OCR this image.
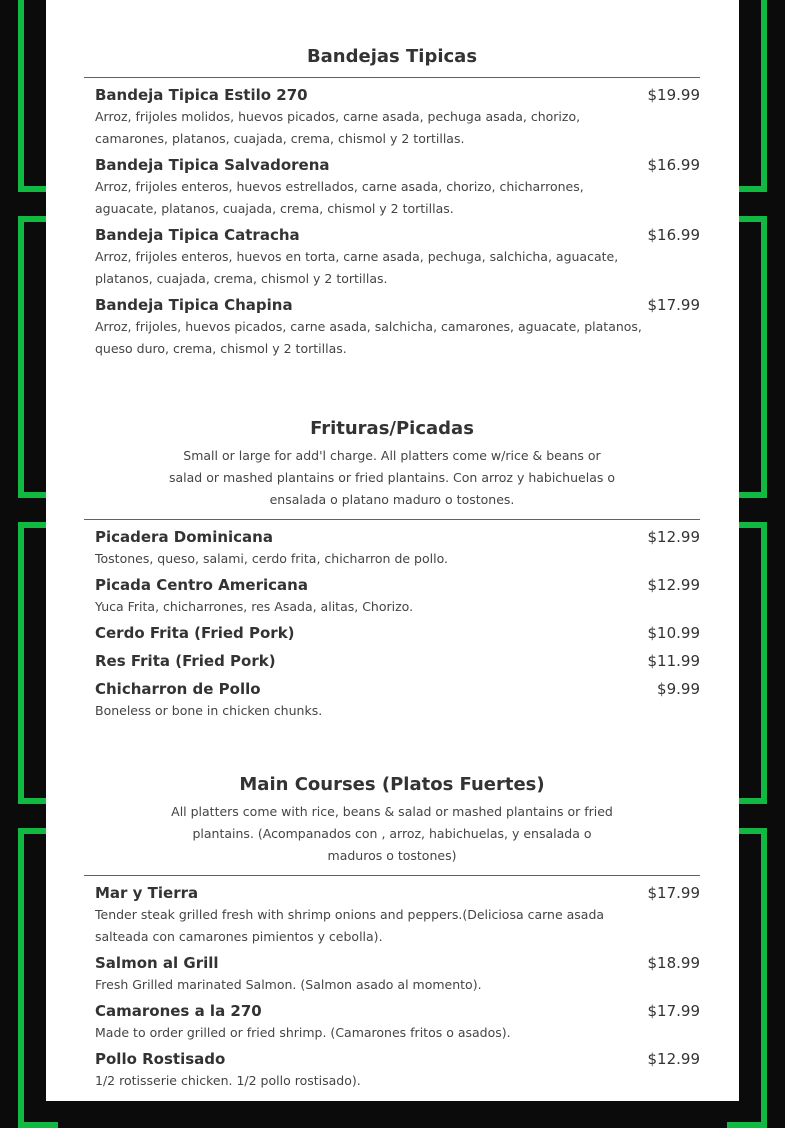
Bandejas Tipicas
Bandeja Tipica Estilo 270	$19.99
Arroz, frijoles molidos, huevos picados, carne asada, pechuga asada, chorizo, camarones, platanos, cuajada, crema, chismol y 2 tortillas.
Bandeja Tipica Salvadorena	$16.99
Arroz, frijoles enteros, huevos estrellados, carne asada, chorizo, chicharrones, aguacate, platanos, cuajada, crema, chismol y 2 tortillas.
Bandeja Tipica Catracha	$16.99
Arroz, frijoles enteros, huevos en torta, carne asada, pechuga, salchicha, aguacate, platanos, cuajada, crema, chismol y 2 tortillas.
Bandeja Tipica Chapina	$17.99
Arroz, frijoles, huevos picados, carne asada, salchicha, camarones, aguacate, platanos, queso duro, crema, chismol y 2 tortillas.
Frituras/Picadas
Small or large for add'l charge. All platters come w/rice & beans or salad or mashed plantains or fried plantains. Con arroz y habichuelas o ensalada o platano maduro o tostones.
Picadera Dominicana	$12.99
Tostones, queso, salami, cerdo frita, chicharron de pollo.
Picada Centro Americana	$12.99
Yuca Frita, chicharrones, res Asada, alitas, Chorizo.
Cerdo Frita (Fried Pork)	$10.99
Res Frita (Fried Pork)	$11.99
Chicharron de Pollo	$9.99
Boneless or bone in chicken chunks.
Main Courses (Platos Fuertes)
All platters come with rice, beans & salad or mashed plantains or fried plantains. (Acompanados con , arroz, habichuelas, y ensalada o maduros o tostones)
Mar y Tierra	$17.99
Tender steak grilled fresh with shrimp onions and peppers.(Deliciosa carne asada salteada con camarones pimientos y cebolla).
Salmon al Grill	$18.99
Fresh Grilled marinated Salmon. (Salmon asado al momento).
Camarones a la 270	$17.99
Made to order grilled or fried shrimp. (Camarones fritos o asados).
Pollo Rostisado	$12.99
1/2 rotisserie chicken. 1/2 pollo rostisado).
